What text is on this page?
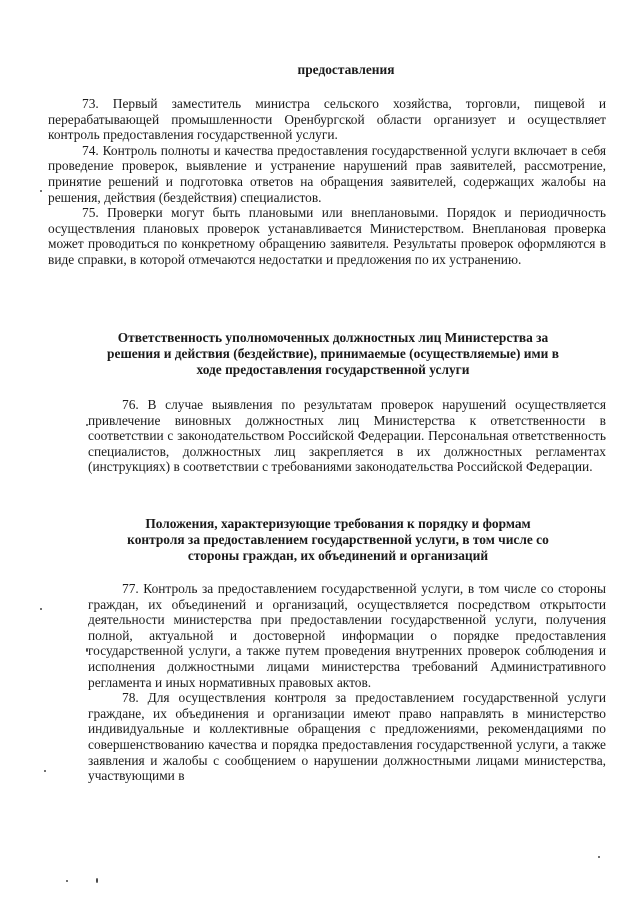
предоставления

73. Первый заместитель министра сельского хозяйства, торговли, пищевой и перерабатывающей промышленности Оренбургской области организует и осуществляет контроль предоставления государственной услуги.

74. Контроль полноты и качества предоставления государственной услуги включает в себя проведение проверок, выявление и устранение нарушений прав заявителей, рассмотрение, принятие решений и подготовка ответов на обращения заявителей, содержащих жалобы на решения, действия (бездействия) специалистов.

75. Проверки могут быть плановыми или внеплановыми. Порядок и периодичность осуществления плановых проверок устанавливается Министерством. Внеплановая проверка может проводиться по конкретному обращению заявителя. Результаты проверок оформляются в виде справки, в которой отмечаются недостатки и предложения по их устранению.

Ответственность уполномоченных должностных лиц Министерства за
решения и действия (бездействие), принимаемые (осуществляемые) ими в
ходе предоставления государственной услуги

76. В случае выявления по результатам проверок нарушений осуществляется привлечение виновных должностных лиц Министерства к ответственности в соответствии с законодательством Российской Федерации. Персональная ответственность специалистов, должностных лиц закрепляется в их должностных регламентах (инструкциях) в соответствии с требованиями законодательства Российской Федерации.

Положения, характеризующие требования к порядку и формам
контроля за предоставлением государственной услуги, в том числе со
стороны граждан, их объединений и организаций

77. Контроль за предоставлением государственной услуги, в том числе со стороны граждан, их объединений и организаций, осуществляется посредством открытости деятельности министерства при предоставлении государственной услуги, получения полной, актуальной и достоверной информации о порядке предоставления государственной услуги, а также путем проведения внутренних проверок соблюдения и исполнения должностными лицами министерства требований Административного регламента и иных нормативных правовых актов.

78. Для осуществления контроля за предоставлением государственной услуги граждане, их объединения и организации имеют право направлять в министерство индивидуальные и коллективные обращения с предложениями, рекомендациями по совершенствованию качества и порядка предоставления государственной услуги, а также заявления и жалобы с сообщением о нарушении должностными лицами министерства, участвующими в
